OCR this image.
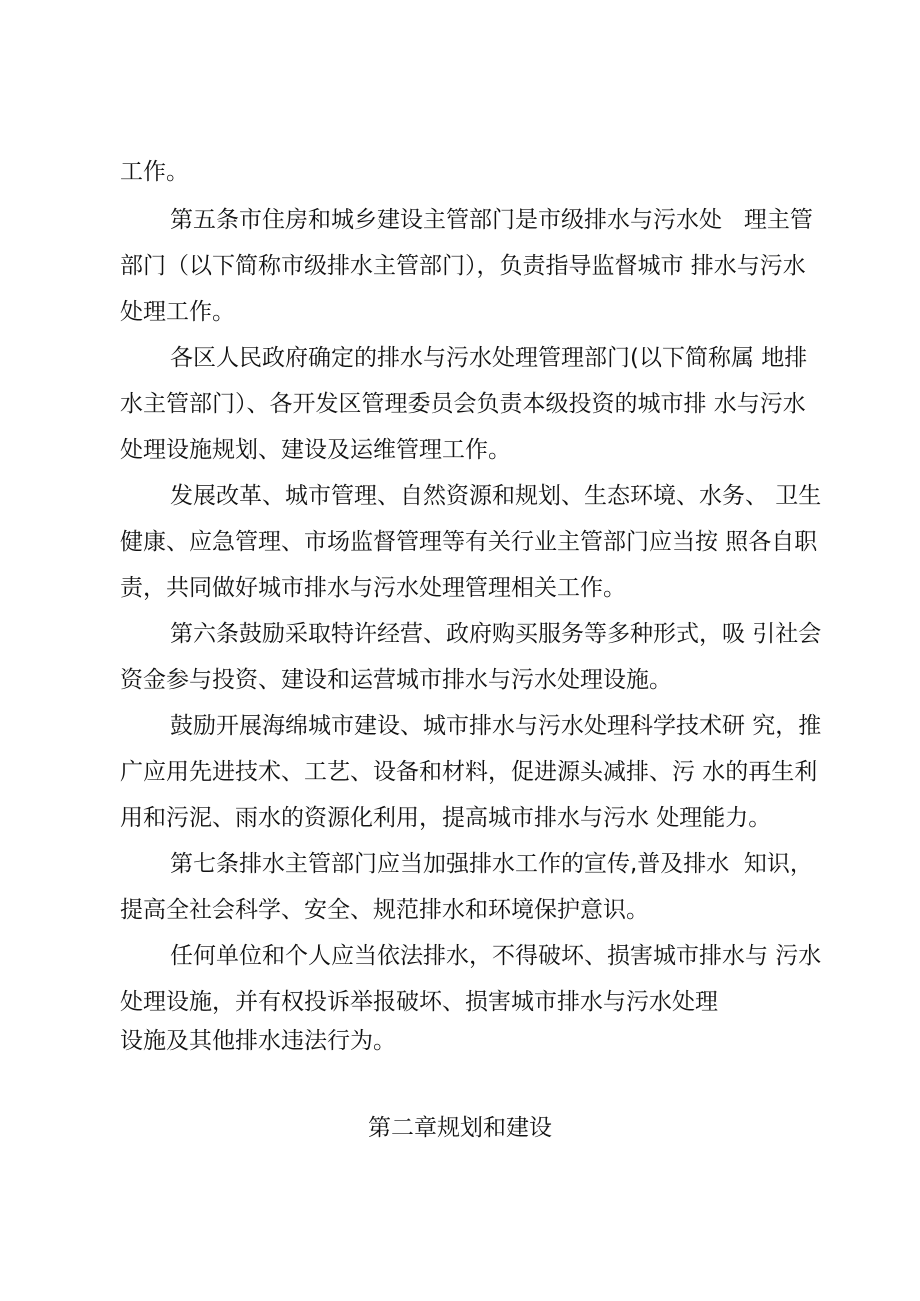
工作。
第五条市住房和城乡建设主管部门是市级排水与污水处   理主管
部门（以下简称市级排水主管部门），负责指导监督城市 排水与污水
处理工作。
各区人民政府确定的排水与污水处理管理部门(以下简称属 地排
水主管部门）、各开发区管理委员会负责本级投资的城市排 水与污水
处理设施规划、建设及运维管理工作。
发展改革、城市管理、自然资源和规划、生态环境、水务、 卫生
健康、应急管理、市场监督管理等有关行业主管部门应当按 照各自职
责，共同做好城市排水与污水处理管理相关工作。
第六条鼓励采取特许经营、政府购买服务等多种形式，吸 引社会
资金参与投资、建设和运营城市排水与污水处理设施。
鼓励开展海绵城市建设、城市排水与污水处理科学技术研 究，推
广应用先进技术、工艺、设备和材料，促进源头减排、污 水的再生利
用和污泥、雨水的资源化利用，提高城市排水与污水 处理能力。
第七条排水主管部门应当加强排水工作的宣传,普及排水  知识，
提高全社会科学、安全、规范排水和环境保护意识。
任何单位和个人应当依法排水，不得破坏、损害城市排水与 污水
处理设施，并有权投诉举报破坏、损害城市排水与污水处理
设施及其他排水违法行为。
第二章规划和建设
